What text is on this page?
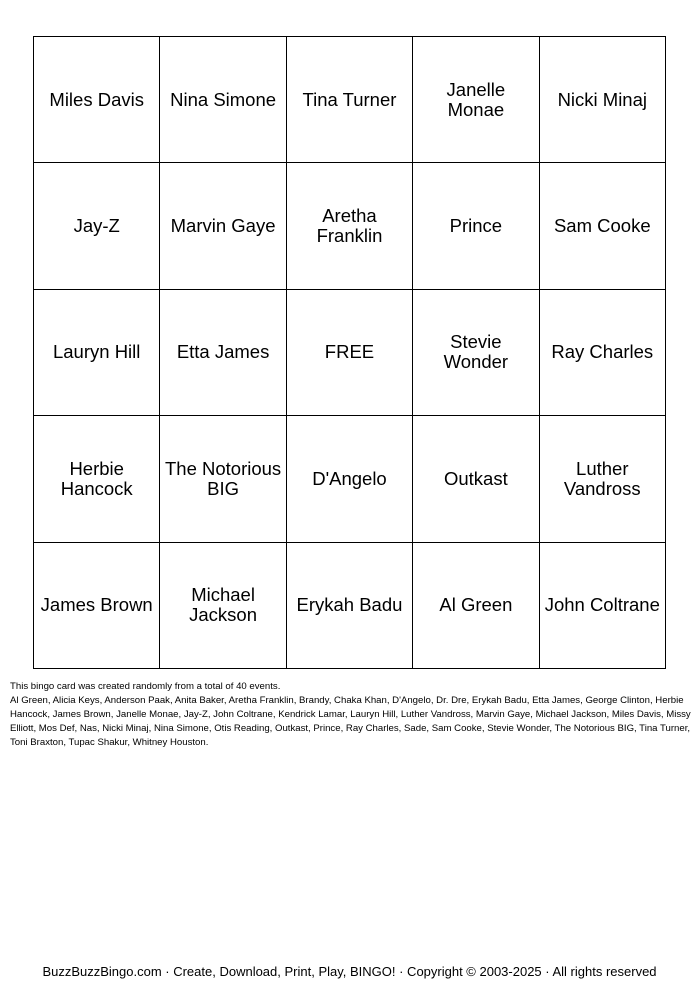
Miles Davis	Nina Simone	Tina Turner	Janelle Monae	Nicki Minaj
Jay-Z	Marvin Gaye	Aretha Franklin	Prince	Sam Cooke
Lauryn Hill	Etta James	FREE	Stevie Wonder	Ray Charles
Herbie Hancock	The Notorious BIG	D'Angelo	Outkast	Luther Vandross
James Brown	Michael Jackson	Erykah Badu	Al Green	John Coltrane

This bingo card was created randomly from a total of 40 events.

Al Green, Alicia Keys, Anderson Paak, Anita Baker, Aretha Franklin, Brandy, Chaka Khan, D'Angelo, Dr. Dre, Erykah Badu, Etta James, George Clinton, Herbie Hancock, James Brown, Janelle Monae, Jay-Z, John Coltrane, Kendrick Lamar, Lauryn Hill, Luther Vandross, Marvin Gaye, Michael Jackson, Miles Davis, Missy Elliott, Mos Def, Nas, Nicki Minaj, Nina Simone, Otis Reading, Outkast, Prince, Ray Charles, Sade, Sam Cooke, Stevie Wonder, The Notorious BIG, Tina Turner, Toni Braxton, Tupac Shakur, Whitney Houston.

BuzzBuzzBingo.com · Create, Download, Print, Play, BINGO! · Copyright © 2003-2025 · All rights reserved
